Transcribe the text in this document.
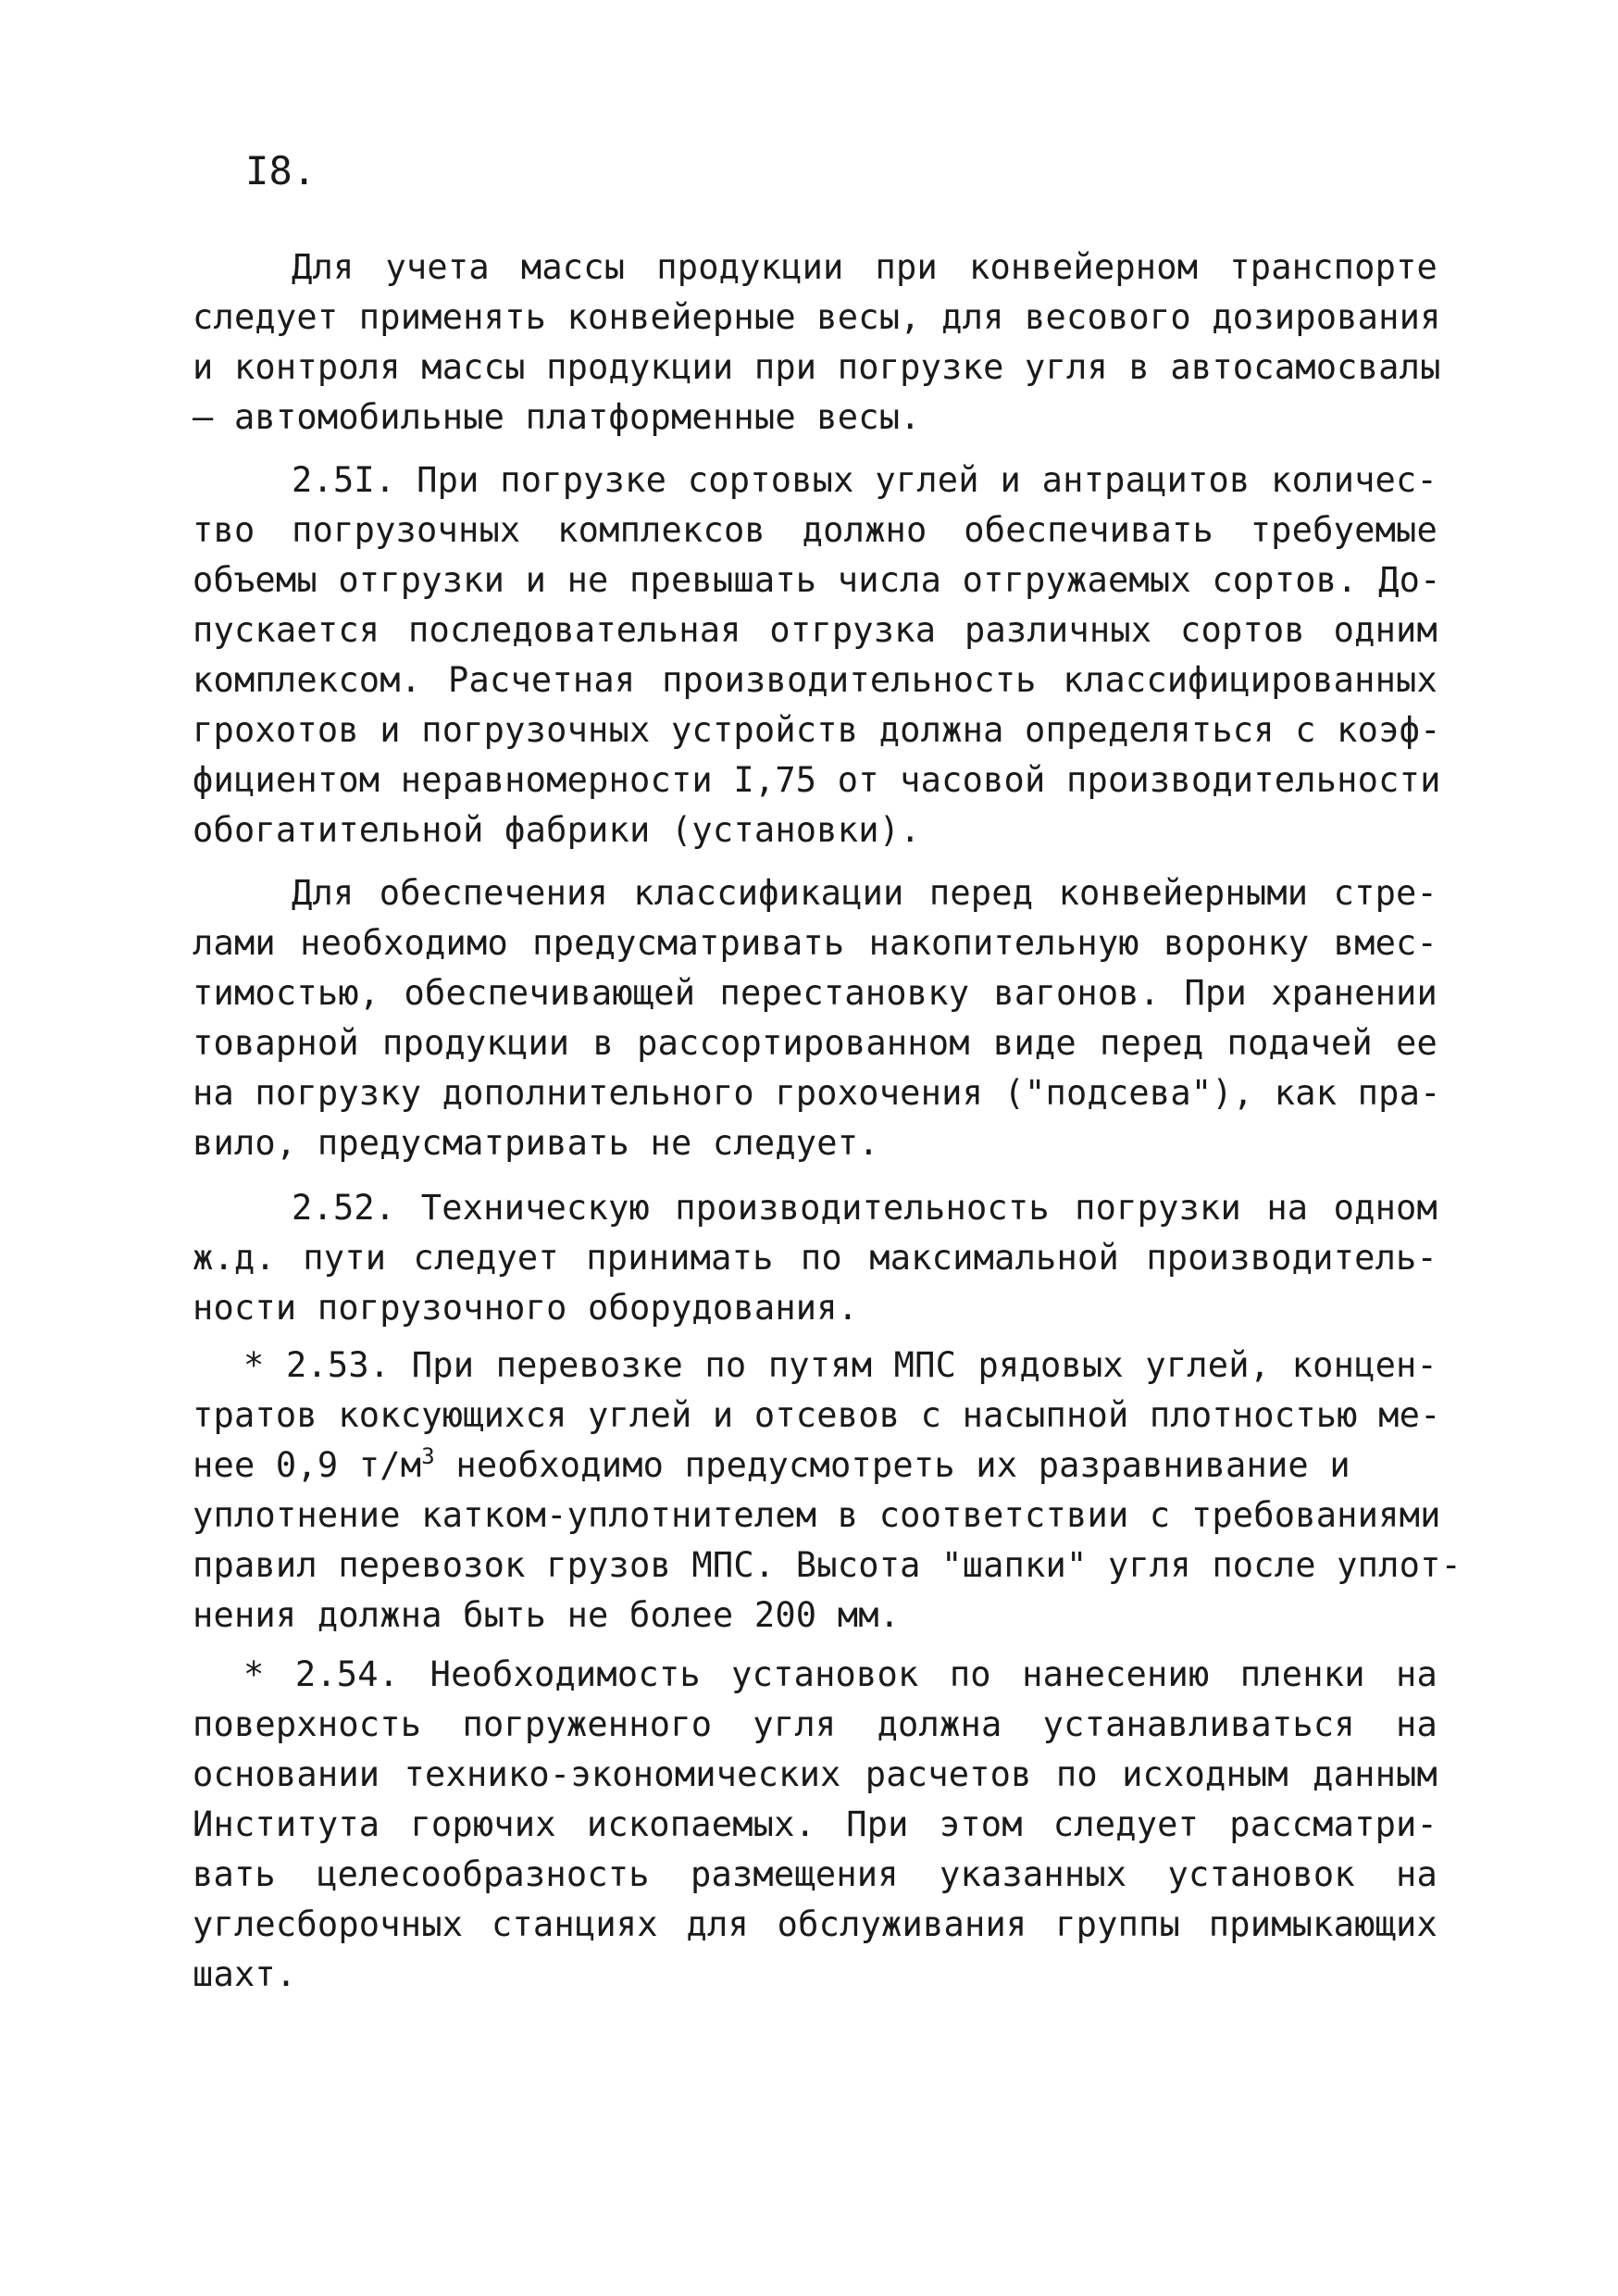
I8.
Для учета массы продукции при конвейерном транспорте
следует применять конвейерные весы, для весового дозирования
и контроля массы продукции при погрузке угля в автосамосвалы
– автомобильные платформенные весы.
2.5I. При погрузке сортовых углей и антрацитов количес-
тво погрузочных комплексов должно обеспечивать требуемые
объемы отгрузки и не превышать числа отгружаемых сортов. До-
пускается последовательная отгрузка различных сортов одним
комплексом. Расчетная производительность классифицированных
грохотов и погрузочных устройств должна определяться с коэф-
фициентом неравномерности I,75 от часовой производительности
обогатительной фабрики (установки).
Для обеспечения классификации перед конвейерными стре-
лами необходимо предусматривать накопительную воронку вмес-
тимостью, обеспечивающей перестановку вагонов. При хранении
товарной продукции в рассортированном виде перед подачей ее
на погрузку дополнительного грохочения ("подсева"), как пра-
вило, предусматривать не следует.
2.52. Техническую производительность погрузки на одном
ж.д. пути следует принимать по максимальной производитель-
ности погрузочного оборудования.
* 2.53. При перевозке по путям МПС рядовых углей, концен-
тратов коксующихся углей и отсевов с насыпной плотностью ме-
нее 0,9 $т/м^3$ необходимо предусмотреть их разравнивание и
уплотнение катком-уплотнителем в соответствии с требованиями
правил перевозок грузов МПС. Высота "шапки" угля после уплот-
нения должна быть не более 200 мм.
* 2.54. Необходимость установок по нанесению пленки на
поверхность погруженного угля должна устанавливаться на
основании технико-экономических расчетов по исходным данным
Института горючих ископаемых. При этом следует рассматри-
вать целесообразность размещения указанных установок на
углесборочных станциях для обслуживания группы примыкающих
шахт.
